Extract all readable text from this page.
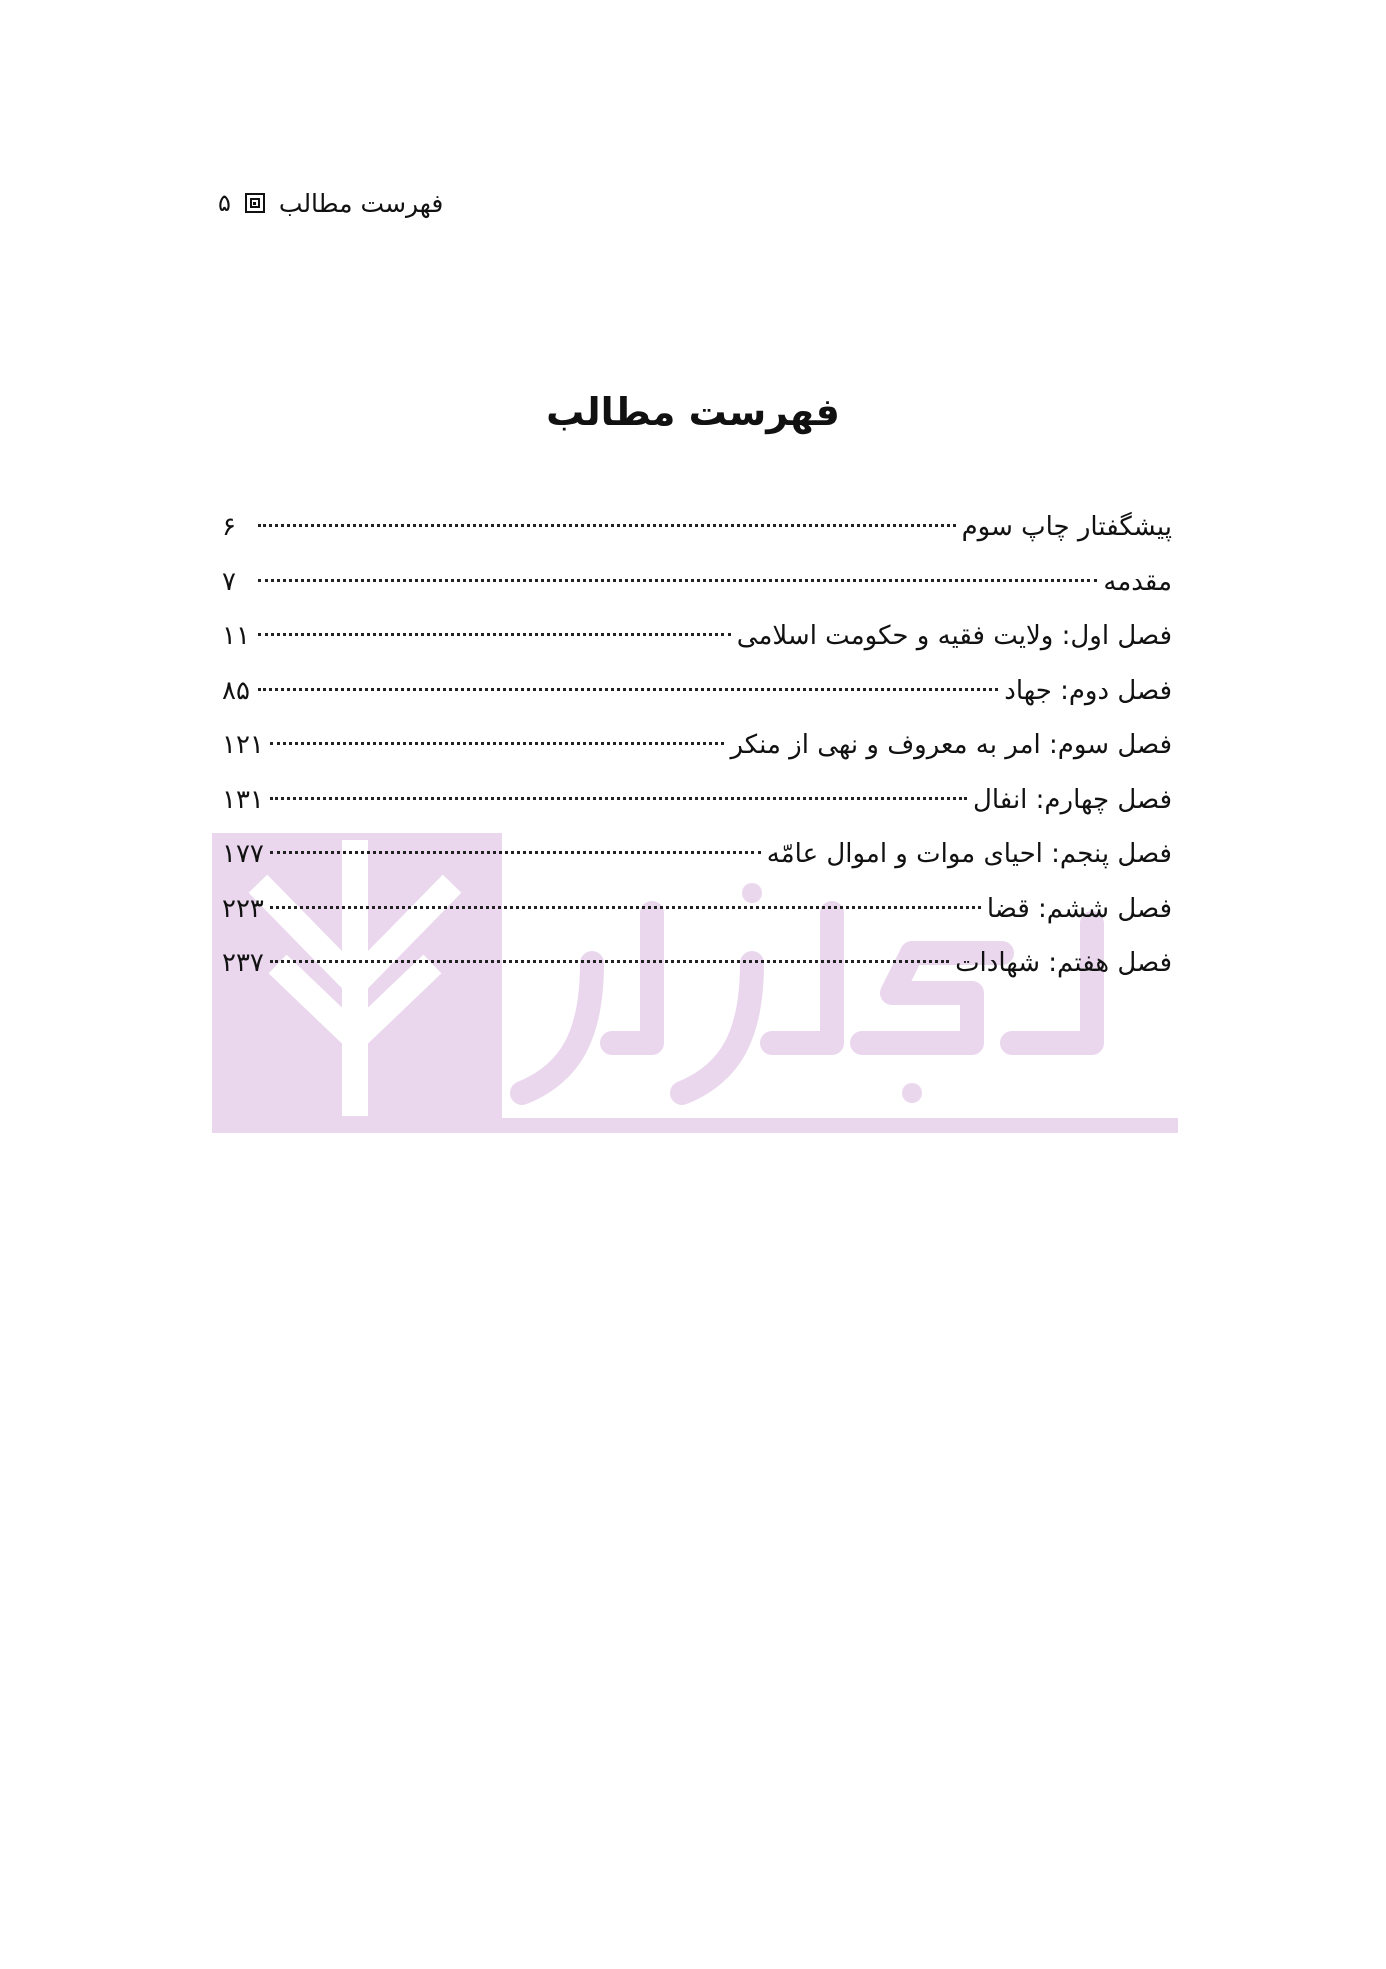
۵ فهرست مطالب
فهرست مطالب
پیشگفتار چاپ سوم
۶
مقدمه
۷
فصل اول: ولایت فقیه و حکومت اسلامی
۱۱
فصل دوم: جهاد
۸۵
فصل سوم: امر به معروف و نهی از منکر
۱۲۱
فصل چهارم: انفال
۱۳۱
فصل پنجم: احیای موات و اموال عامّه
۱۷۷
فصل ششم: قضا
۲۲۳
فصل هفتم: شهادات
۲۳۷
